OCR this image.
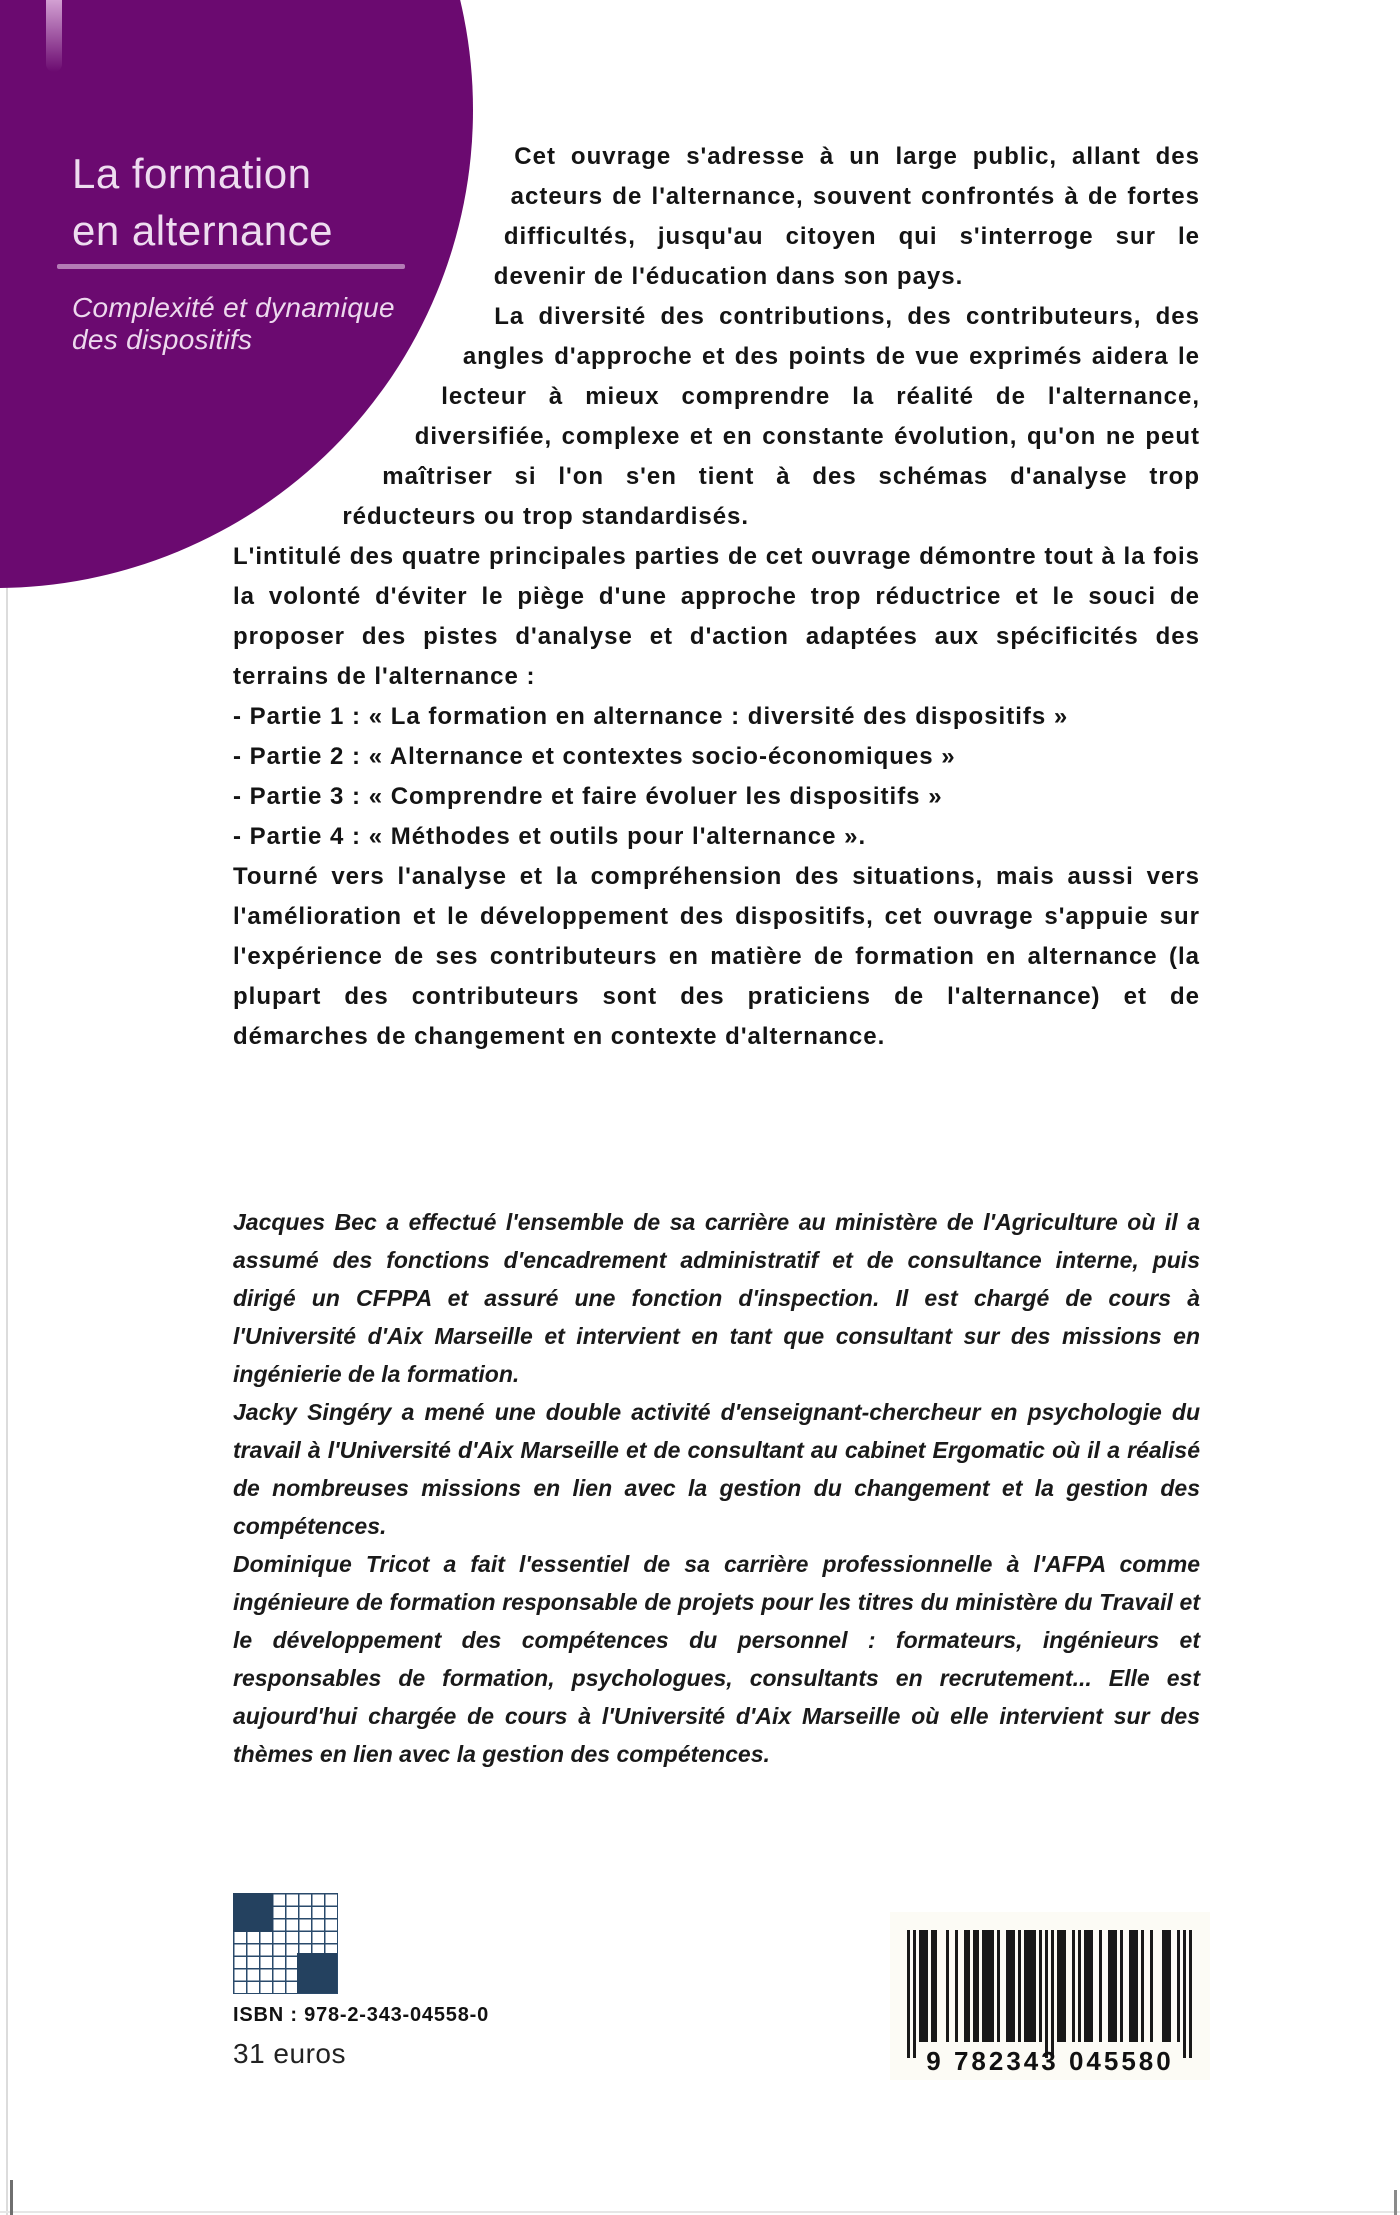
La formation
en alternance
Complexité et dynamique
des dispositifs

Cet ouvrage s'adresse à un large public, allant des acteurs de l'alternance, souvent confrontés à de fortes difficultés, jusqu'au citoyen qui s'interroge sur le devenir de l'éducation dans son pays.

La diversité des contributions, des contributeurs, des angles d'approche et des points de vue exprimés aidera le lecteur à mieux comprendre la réalité de l'alternance, diversifiée, complexe et en constante évolution, qu'on ne peut maîtriser si l'on s'en tient à des schémas d'analyse trop réducteurs ou trop standardisés.

L'intitulé des quatre principales parties de cet ouvrage démontre tout à la fois la volonté d'éviter le piège d'une approche trop réductrice et le souci de proposer des pistes d'analyse et d'action adaptées aux spécificités des terrains de l'alternance :

- Partie 1 : « La formation en alternance : diversité des dispositifs »
- Partie 2 : « Alternance et contextes socio-économiques »
- Partie 3 : « Comprendre et faire évoluer les dispositifs »
- Partie 4 : « Méthodes et outils pour l'alternance ».

Tourné vers l'analyse et la compréhension des situations, mais aussi vers l'amélioration et le développement des dispositifs, cet ouvrage s'appuie sur l'expérience de ses contributeurs en matière de formation en alternance (la plupart des contributeurs sont des praticiens de l'alternance) et de démarches de changement en contexte d'alternance.

Jacques Bec a effectué l'ensemble de sa carrière au ministère de l'Agriculture où il a assumé des fonctions d'encadrement administratif et de consultance interne, puis dirigé un CFPPA et assuré une fonction d'inspection. Il est chargé de cours à l'Université d'Aix Marseille et intervient en tant que consultant sur des missions en ingénierie de la formation.

Jacky Singéry a mené une double activité d'enseignant-chercheur en psychologie du travail à l'Université d'Aix Marseille et de consultant au cabinet Ergomatic où il a réalisé de nombreuses missions en lien avec la gestion du changement et la gestion des compétences.

Dominique Tricot a fait l'essentiel de sa carrière professionnelle à l'AFPA comme ingénieure de formation responsable de projets pour les titres du ministère du Travail et le développement des compétences du personnel : formateurs, ingénieurs et responsables de formation, psychologues, consultants en recrutement... Elle est aujourd'hui chargée de cours à l'Université d'Aix Marseille où elle intervient sur des thèmes en lien avec la gestion des compétences.

ISBN : 978-2-343-04558-0
31 euros	9 782343 045580
